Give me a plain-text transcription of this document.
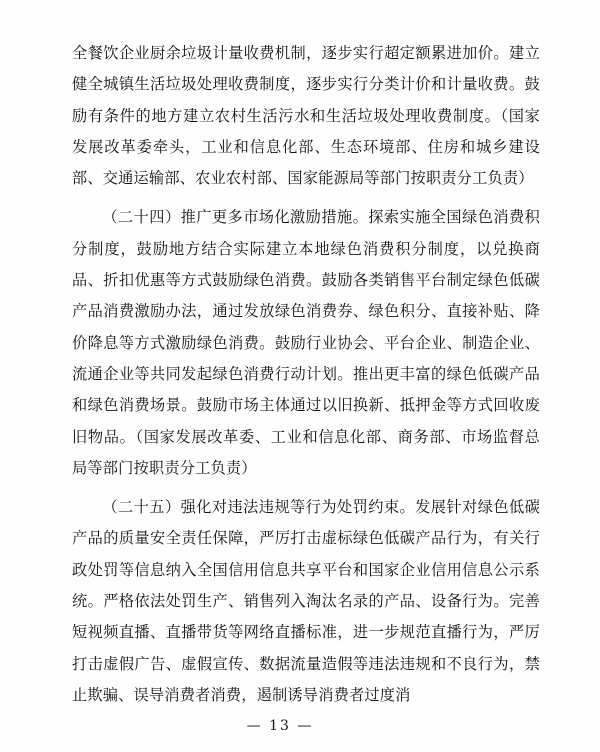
全餐饮企业厨余垃圾计量收费机制，逐步实行超定额累进加价。建立健全城镇生活垃圾处理收费制度，逐步实行分类计价和计量收费。鼓励有条件的地方建立农村生活污水和生活垃圾处理收费制度。（国家发展改革委牵头，工业和信息化部、生态环境部、住房和城乡建设部、交通运输部、农业农村部、国家能源局等部门按职责分工负责）

（二十四）推广更多市场化激励措施。探索实施全国绿色消费积分制度，鼓励地方结合实际建立本地绿色消费积分制度，以兑换商品、折扣优惠等方式鼓励绿色消费。鼓励各类销售平台制定绿色低碳产品消费激励办法，通过发放绿色消费券、绿色积分、直接补贴、降价降息等方式激励绿色消费。鼓励行业协会、平台企业、制造企业、流通企业等共同发起绿色消费行动计划。推出更丰富的绿色低碳产品和绿色消费场景。鼓励市场主体通过以旧换新、抵押金等方式回收废旧物品。（国家发展改革委、工业和信息化部、商务部、市场监督总局等部门按职责分工负责）

（二十五）强化对违法违规等行为处罚约束。发展针对绿色低碳产品的质量安全责任保障，严厉打击虚标绿色低碳产品行为，有关行政处罚等信息纳入全国信用信息共享平台和国家企业信用信息公示系统。严格依法处罚生产、销售列入淘汰名录的产品、设备行为。完善短视频直播、直播带货等网络直播标准，进一步规范直播行为，严厉打击虚假广告、虚假宣传、数据流量造假等违法违规和不良行为，禁止欺骗、误导消费者消费，遏制诱导消费者过度消

— 13 —
